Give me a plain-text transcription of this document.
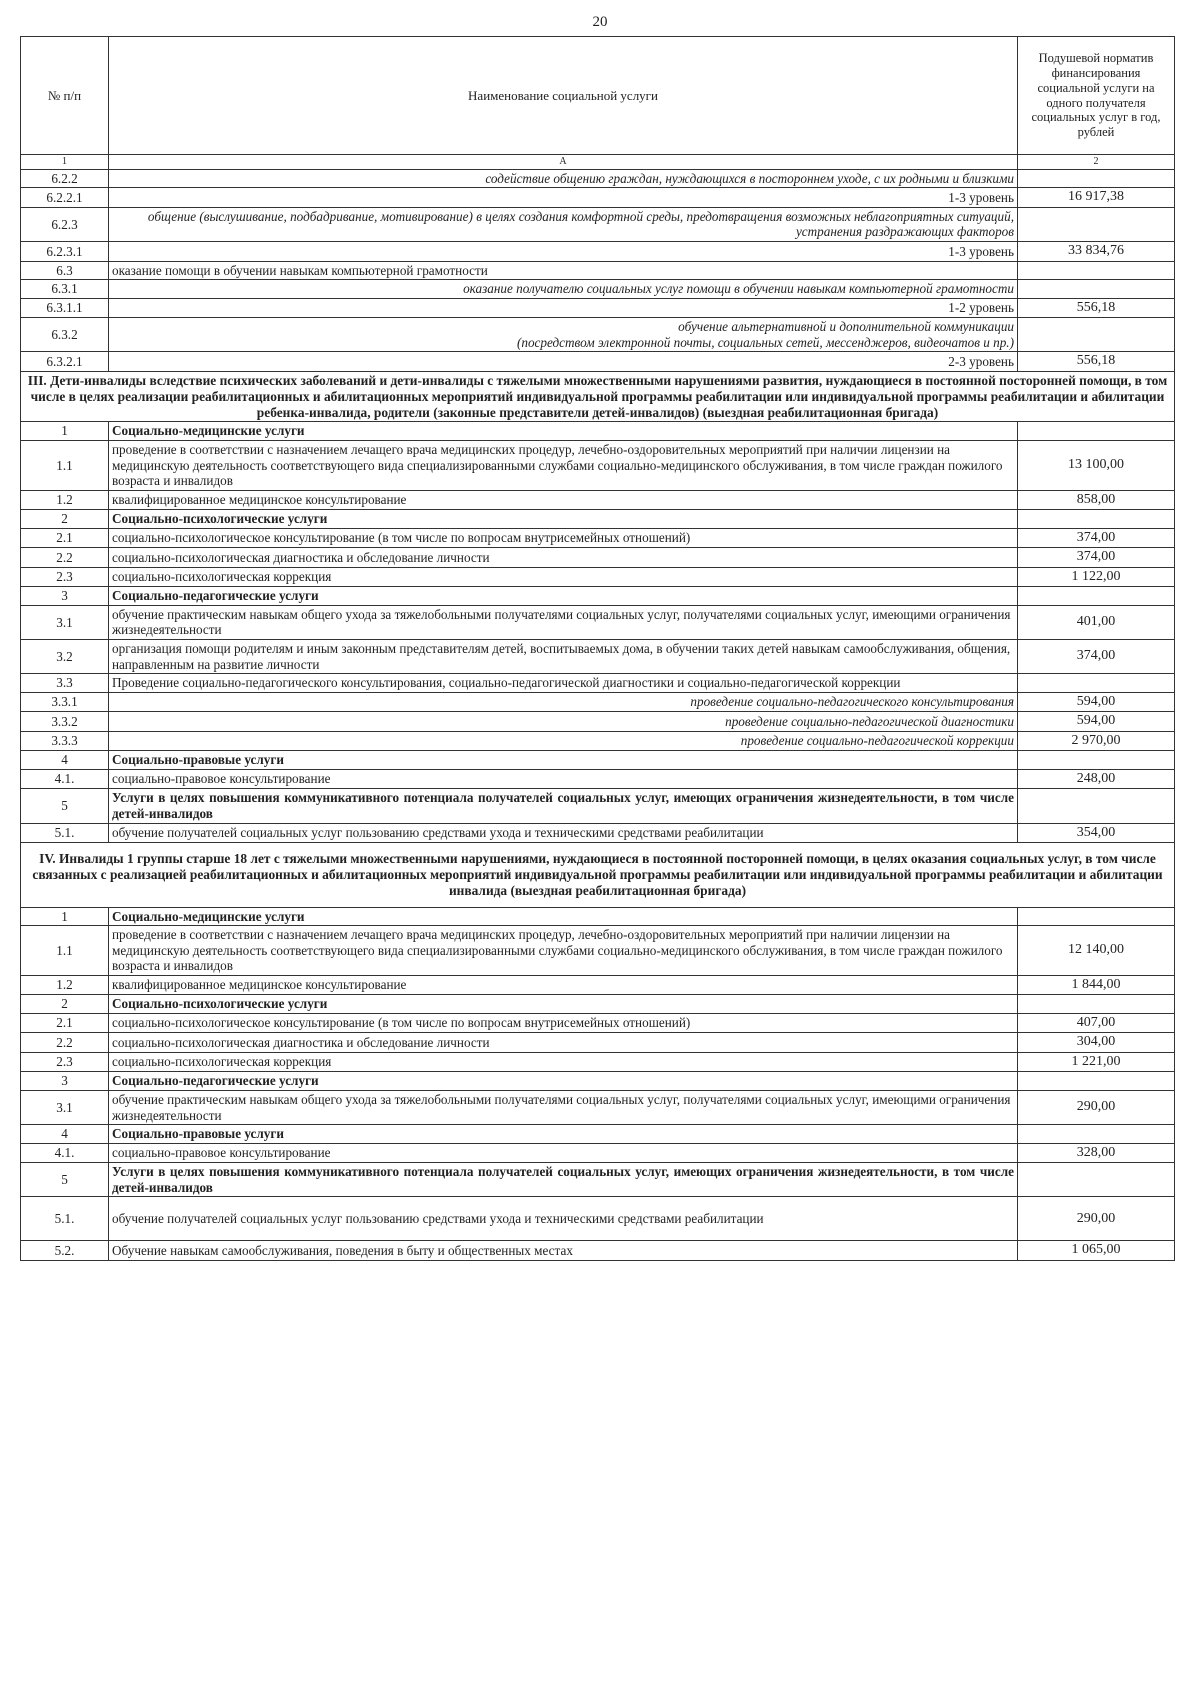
20
№ п/п	Наименование социальной услуги	Подушевой норматив финансирования социальной услуги на одного получателя социальных услуг в год, рублей
1	А	2
6.2.2	содействие общению граждан, нуждающихся в постороннем уходе, с их родными и близкими	
6.2.2.1	1-3 уровень	16 917,38
6.2.3	общение (выслушивание, подбадривание, мотивирование) в целях создания комфортной среды, предотвращения возможных неблагоприятных ситуаций, устранения раздражающих факторов	
6.2.3.1	1-3 уровень	33 834,76
6.3	оказание помощи в обучении навыкам компьютерной грамотности	
6.3.1	оказание получателю социальных услуг помощи в обучении навыкам компьютерной грамотности	
6.3.1.1	1-2 уровень	556,18
6.3.2	обучение альтернативной и дополнительной коммуникации
(посредством электронной почты, социальных сетей, мессенджеров, видеочатов и пр.)	

6.3.2.1	2-3 уровень	556,18
III. Дети-инвалиды вследствие психических заболеваний и дети-инвалиды с тяжелыми множественными нарушениями развития, нуждающиеся в постоянной посторонней помощи, в том числе в целях реализации реабилитационных и абилитационных мероприятий индивидуальной программы реабилитации или индивидуальной программы реабилитации и абилитации ребенка-инвалида, родители (законные представители детей-инвалидов) (выездная реабилитационная бригада)		
1	Социально-медицинские услуги	
1.1	проведение в соответствии с назначением лечащего врача медицинских процедур, лечебно-оздоровительных мероприятий при наличии лицензии на медицинскую деятельность соответствующего вида специализированными службами социально-медицинского обслуживания, в том числе граждан пожилого возраста и инвалидов	13 100,00
1.2	квалифицированное медицинское консультирование	858,00
2	Социально-психологические услуги	
2.1	социально-психологическое консультирование (в том числе по вопросам внутрисемейных отношений)	374,00
2.2	социально-психологическая диагностика и обследование личности	374,00
2.3	социально-психологическая коррекция	1 122,00
3	Социально-педагогические услуги	
3.1	обучение практическим навыкам общего ухода за тяжелобольными получателями социальных услуг, получателями социальных услуг, имеющими ограничения жизнедеятельности	401,00
3.2	организация помощи родителям и иным законным представителям детей, воспитываемых дома, в обучении таких детей навыкам самообслуживания, общения, направленным на развитие личности	374,00
3.3	Проведение социально-педагогического консультирования, социально-педагогической диагностики и социально-педагогической коррекции	
3.3.1	проведение социально-педагогического консультирования	594,00
3.3.2	проведение социально-педагогической диагностики	594,00
3.3.3	проведение социально-педагогической коррекции	2 970,00
4	Социально-правовые услуги	
4.1.	социально-правовое консультирование	248,00
5	Услуги в целях повышения коммуникативного потенциала получателей социальных услуг, имеющих ограничения жизнедеятельности, в том числе детей-инвалидов	
5.1.	обучение получателей социальных услуг пользованию средствами ухода и техническими средствами реабилитации	354,00
IV. Инвалиды 1 группы старше 18 лет с тяжелыми множественными нарушениями, нуждающиеся в постоянной посторонней помощи, в целях оказания социальных услуг, в том числе связанных с реализацией реабилитационных и абилитационных мероприятий индивидуальной программы реабилитации или индивидуальной программы реабилитации и абилитации инвалида (выездная реабилитационная бригада)		
1	Социально-медицинские услуги	
1.1	проведение в соответствии с назначением лечащего врача медицинских процедур, лечебно-оздоровительных мероприятий при наличии лицензии на медицинскую деятельность соответствующего вида специализированными службами социально-медицинского обслуживания, в том числе граждан пожилого возраста и инвалидов	12 140,00
1.2	квалифицированное медицинское консультирование	1 844,00
2	Социально-психологические услуги	
2.1	социально-психологическое консультирование (в том числе по вопросам внутрисемейных отношений)	407,00
2.2	социально-психологическая диагностика и обследование личности	304,00
2.3	социально-психологическая коррекция	1 221,00
3	Социально-педагогические услуги	
3.1	обучение практическим навыкам общего ухода за тяжелобольными получателями социальных услуг, получателями социальных услуг, имеющими ограничения жизнедеятельности	290,00
4	Социально-правовые услуги	
4.1.	социально-правовое консультирование	328,00
5	Услуги в целях повышения коммуникативного потенциала получателей социальных услуг, имеющих ограничения жизнедеятельности, в том числе детей-инвалидов	
5.1.	обучение получателей социальных услуг пользованию средствами ухода и техническими средствами реабилитации	290,00
5.2.	Обучение навыкам самообслуживания, поведения в быту и общественных местах	1 065,00
